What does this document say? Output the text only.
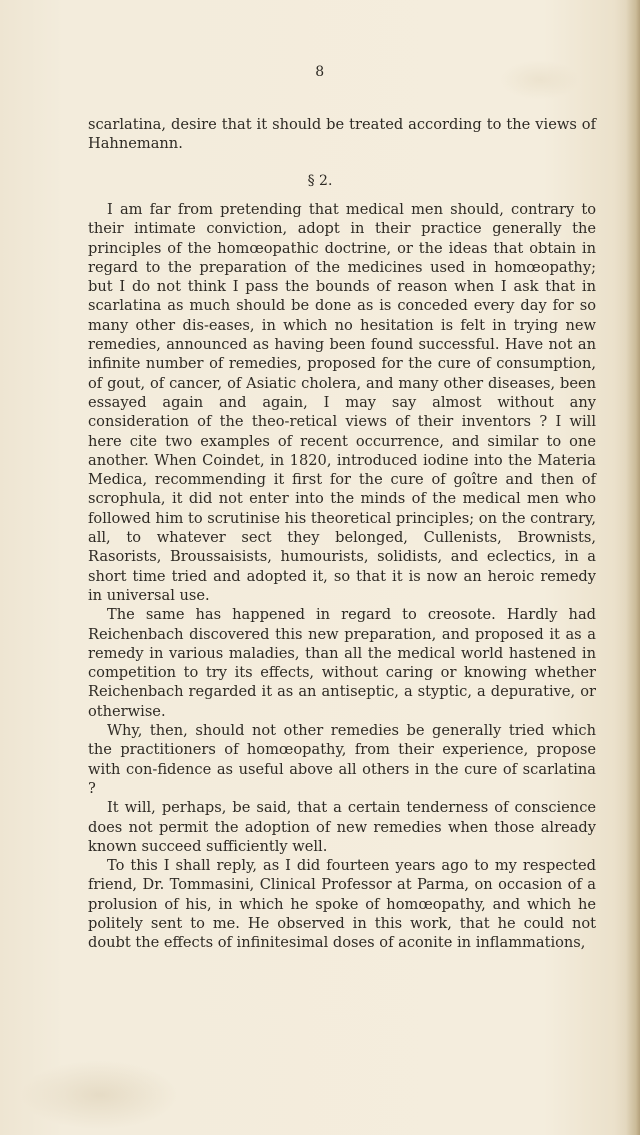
8

scarlatina, desire that it should be treated according to the views of Hahnemann.

§ 2.

I am far from pretending that medical men should, contrary to their intimate conviction, adopt in their practice generally the principles of the homœopathic doctrine, or the ideas that obtain in regard to the preparation of the medicines used in homœopathy; but I do not think I pass the bounds of reason when I ask that in scarlatina as much should be done as is conceded every day for so many other dis-eases, in which no hesitation is felt in trying new remedies, announced as having been found successful. Have not an infinite number of remedies, proposed for the cure of consumption, of gout, of cancer, of Asiatic cholera, and many other diseases, been essayed again and again, I may say almost without any consideration of the theo-retical views of their inventors ? I will here cite two examples of recent occurrence, and similar to one another. When Coindet, in 1820, introduced iodine into the Materia Medica, recommending it first for the cure of goître and then of scrophula, it did not enter into the minds of the medical men who followed him to scrutinise his theoretical principles; on the contrary, all, to whatever sect they belonged, Cullenists, Brownists, Rasorists, Broussaisists, humourists, solidists, and eclectics, in a short time tried and adopted it, so that it is now an heroic remedy in universal use.

The same has happened in regard to creosote. Hardly had Reichenbach discovered this new preparation, and proposed it as a remedy in various maladies, than all the medical world hastened in competition to try its effects, without caring or knowing whether Reichenbach regarded it as an antiseptic, a styptic, a depurative, or otherwise.

Why, then, should not other remedies be generally tried which the practitioners of homœopathy, from their experience, propose with con-fidence as useful above all others in the cure of scarlatina ?

It will, perhaps, be said, that a certain tenderness of conscience does not permit the adoption of new remedies when those already known succeed sufficiently well.

To this I shall reply, as I did fourteen years ago to my respected friend, Dr. Tommasini, Clinical Professor at Parma, on occasion of a prolusion of his, in which he spoke of homœopathy, and which he politely sent to me. He observed in this work, that he could not doubt the effects of infinitesimal doses of aconite in inflammations,
